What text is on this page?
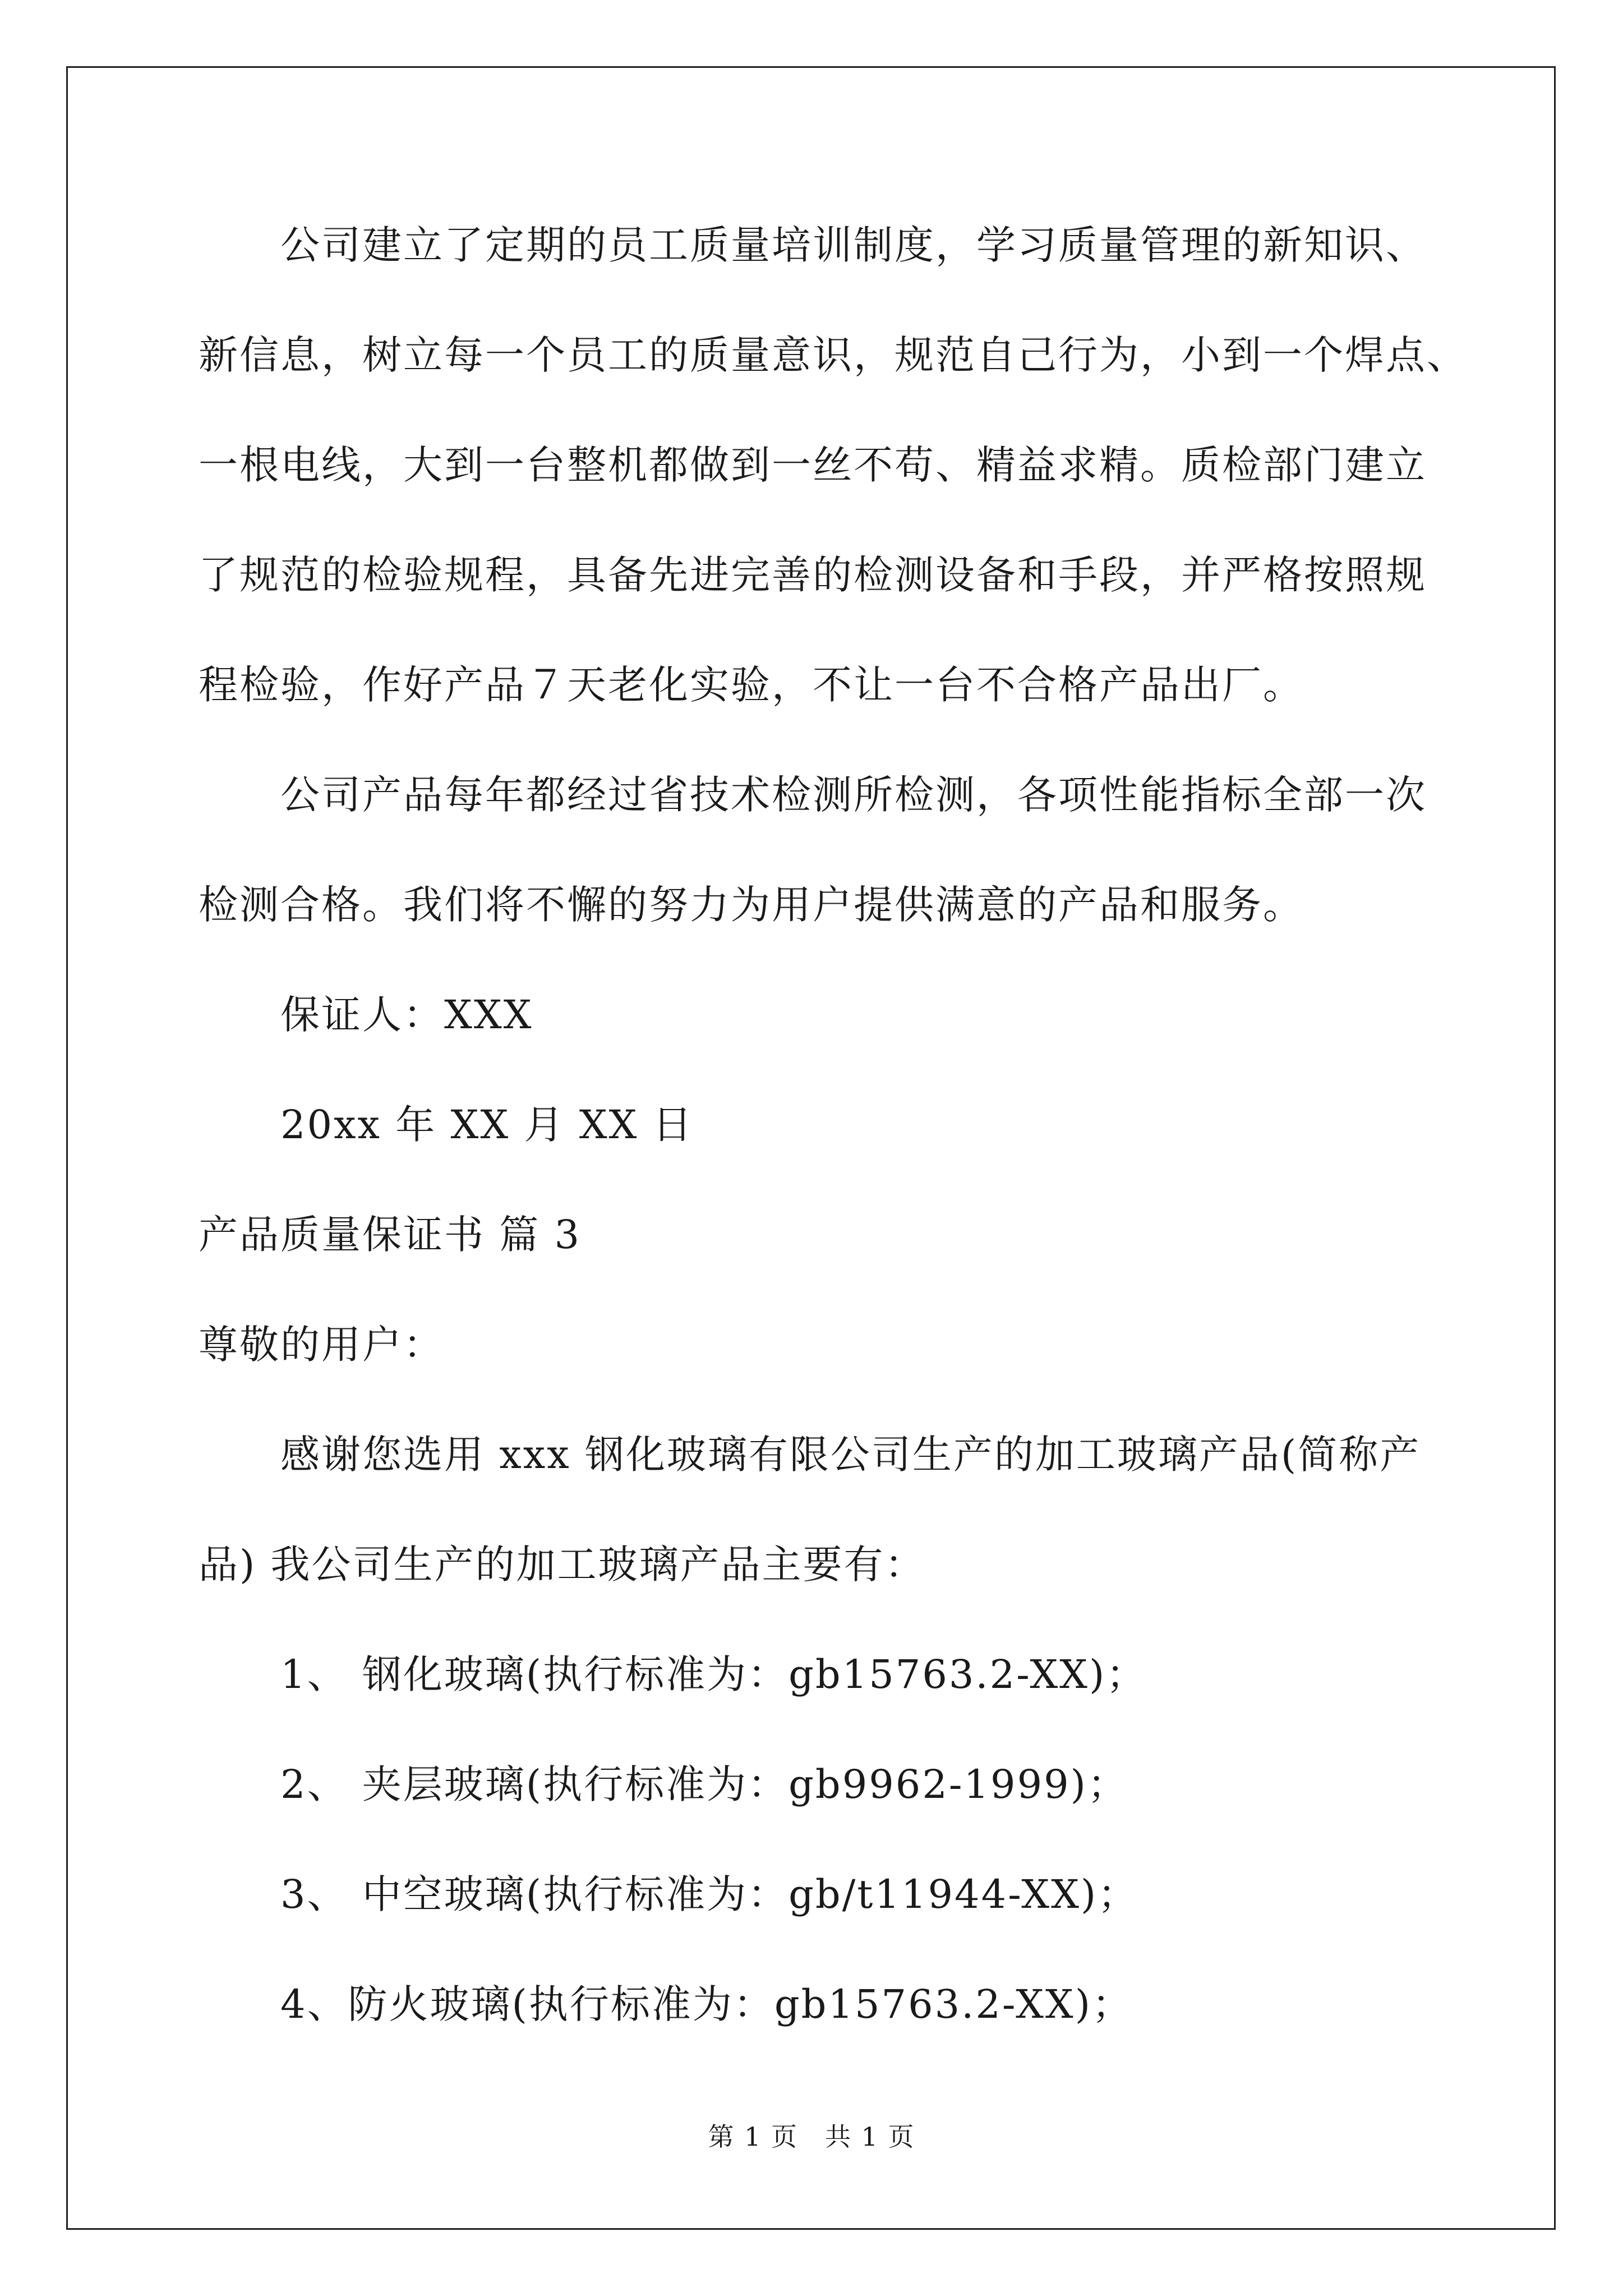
公司建立了定期的员工质量培训制度，学习质量管理的新知识、
新信息，树立每一个员工的质量意识，规范自己行为，小到一个焊点、
一根电线，大到一台整机都做到一丝不苟、精益求精。质检部门建立
了规范的检验规程，具备先进完善的检测设备和手段，并严格按照规
程检验，作好产品７天老化实验，不让一台不合格产品出厂。
公司产品每年都经过省技术检测所检测，各项性能指标全部一次
检测合格。我们将不懈的努力为用户提供满意的产品和服务。
保证人：XXX
20xx 年 XX 月 XX 日
产品质量保证书 篇 3
尊敬的用户：
感谢您选用 xxx 钢化玻璃有限公司生产的加工玻璃产品(简称产
品) 我公司生产的加工玻璃产品主要有：
1、 钢化玻璃(执行标准为：gb15763.2-XX)；
2、 夹层玻璃(执行标准为：gb9962-1999)；
3、 中空玻璃(执行标准为：gb/t11944-XX)；
4、防火玻璃(执行标准为：gb15763.2-XX)；
第 1 页　共 1 页
